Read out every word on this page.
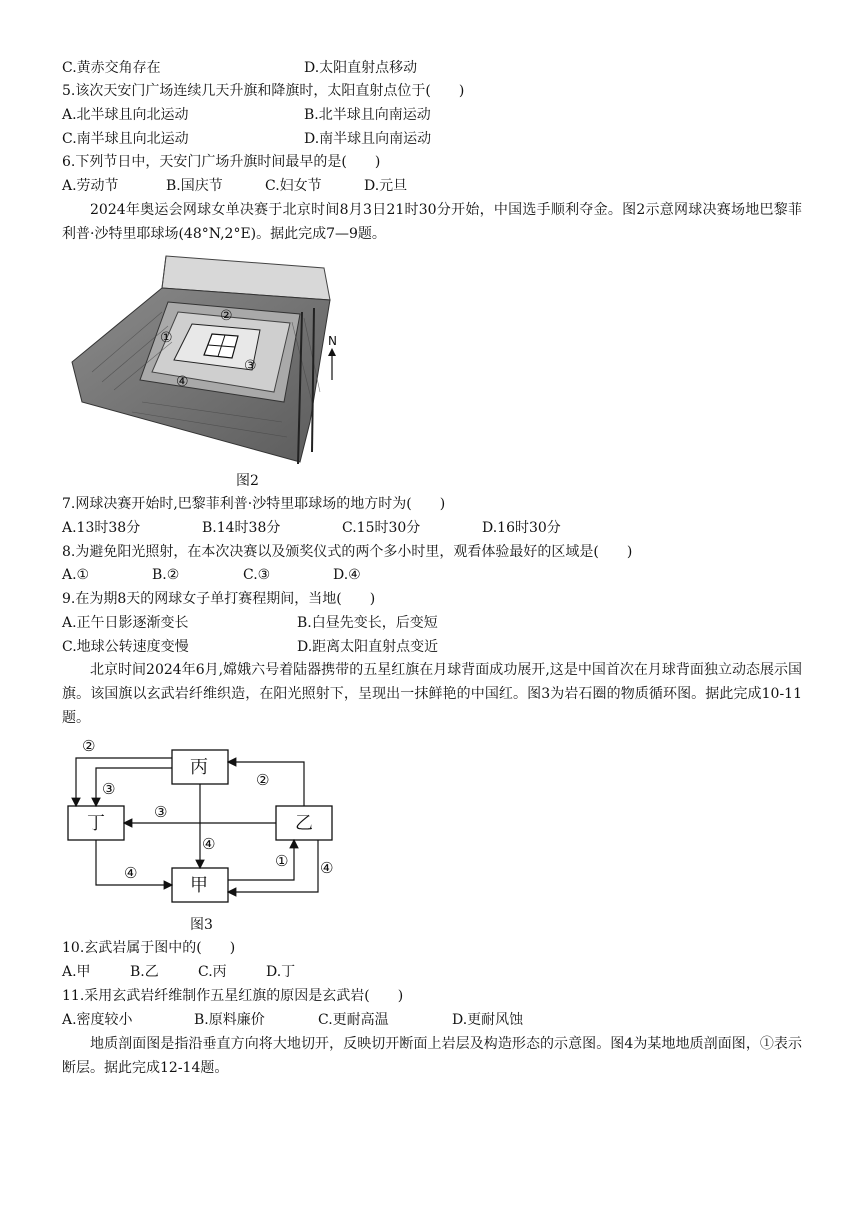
C.黄赤交角存在	D.太阳直射点移动
5.该次天安门广场连续几天升旗和降旗时，太阳直射点位于(　　)
A.北半球且向北运动	B.北半球且向南运动
C.南半球且向北运动	D.南半球且向南运动
6.下列节日中，天安门广场升旗时间最早的是(　　)
A.劳动节	B.国庆节	C.妇女节	D.元旦
2024年奥运会网球女单决赛于北京时间8月3日21时30分开始，中国选手顺利夺金。图2示意网球决赛场地巴黎菲利普·沙特里耶球场(48°N,2°E)。据此完成7—9题。
①
②
③
④
N
图2
7.网球决赛开始时,巴黎菲利普·沙特里耶球场的地方时为(　　)
A.13时38分	B.14时38分	C.15时30分	D.16时30分
8.为避免阳光照射，在本次决赛以及颁奖仪式的两个多小时里，观看体验最好的区域是(　　)
A.①	B.②	C.③	D.④
9.在为期8天的网球女子单打赛程期间，当地(　　)
A.正午日影逐渐变长	B.白昼先变长，后变短
C.地球公转速度变慢	D.距离太阳直射点变近
北京时间2024年6月,嫦娥六号着陆器携带的五星红旗在月球背面成功展开,这是中国首次在月球背面独立动态展示国旗。该国旗以玄武岩纤维织造，在阳光照射下，呈现出一抹鲜艳的中国红。图3为岩石圈的物质循环图。据此完成10-11题。
丙
丁	乙
甲
②
③	②
③
④
① ④
④
图3
10.玄武岩属于图中的(　　)
A.甲	B.乙	C.丙	D.丁
11.采用玄武岩纤维制作五星红旗的原因是玄武岩(　　)
A.密度较小	B.原料廉价	C.更耐高温	D.更耐风蚀
地质剖面图是指沿垂直方向将大地切开，反映切开断面上岩层及构造形态的示意图。图4为某地地质剖面图，①表示断层。据此完成12-14题。
